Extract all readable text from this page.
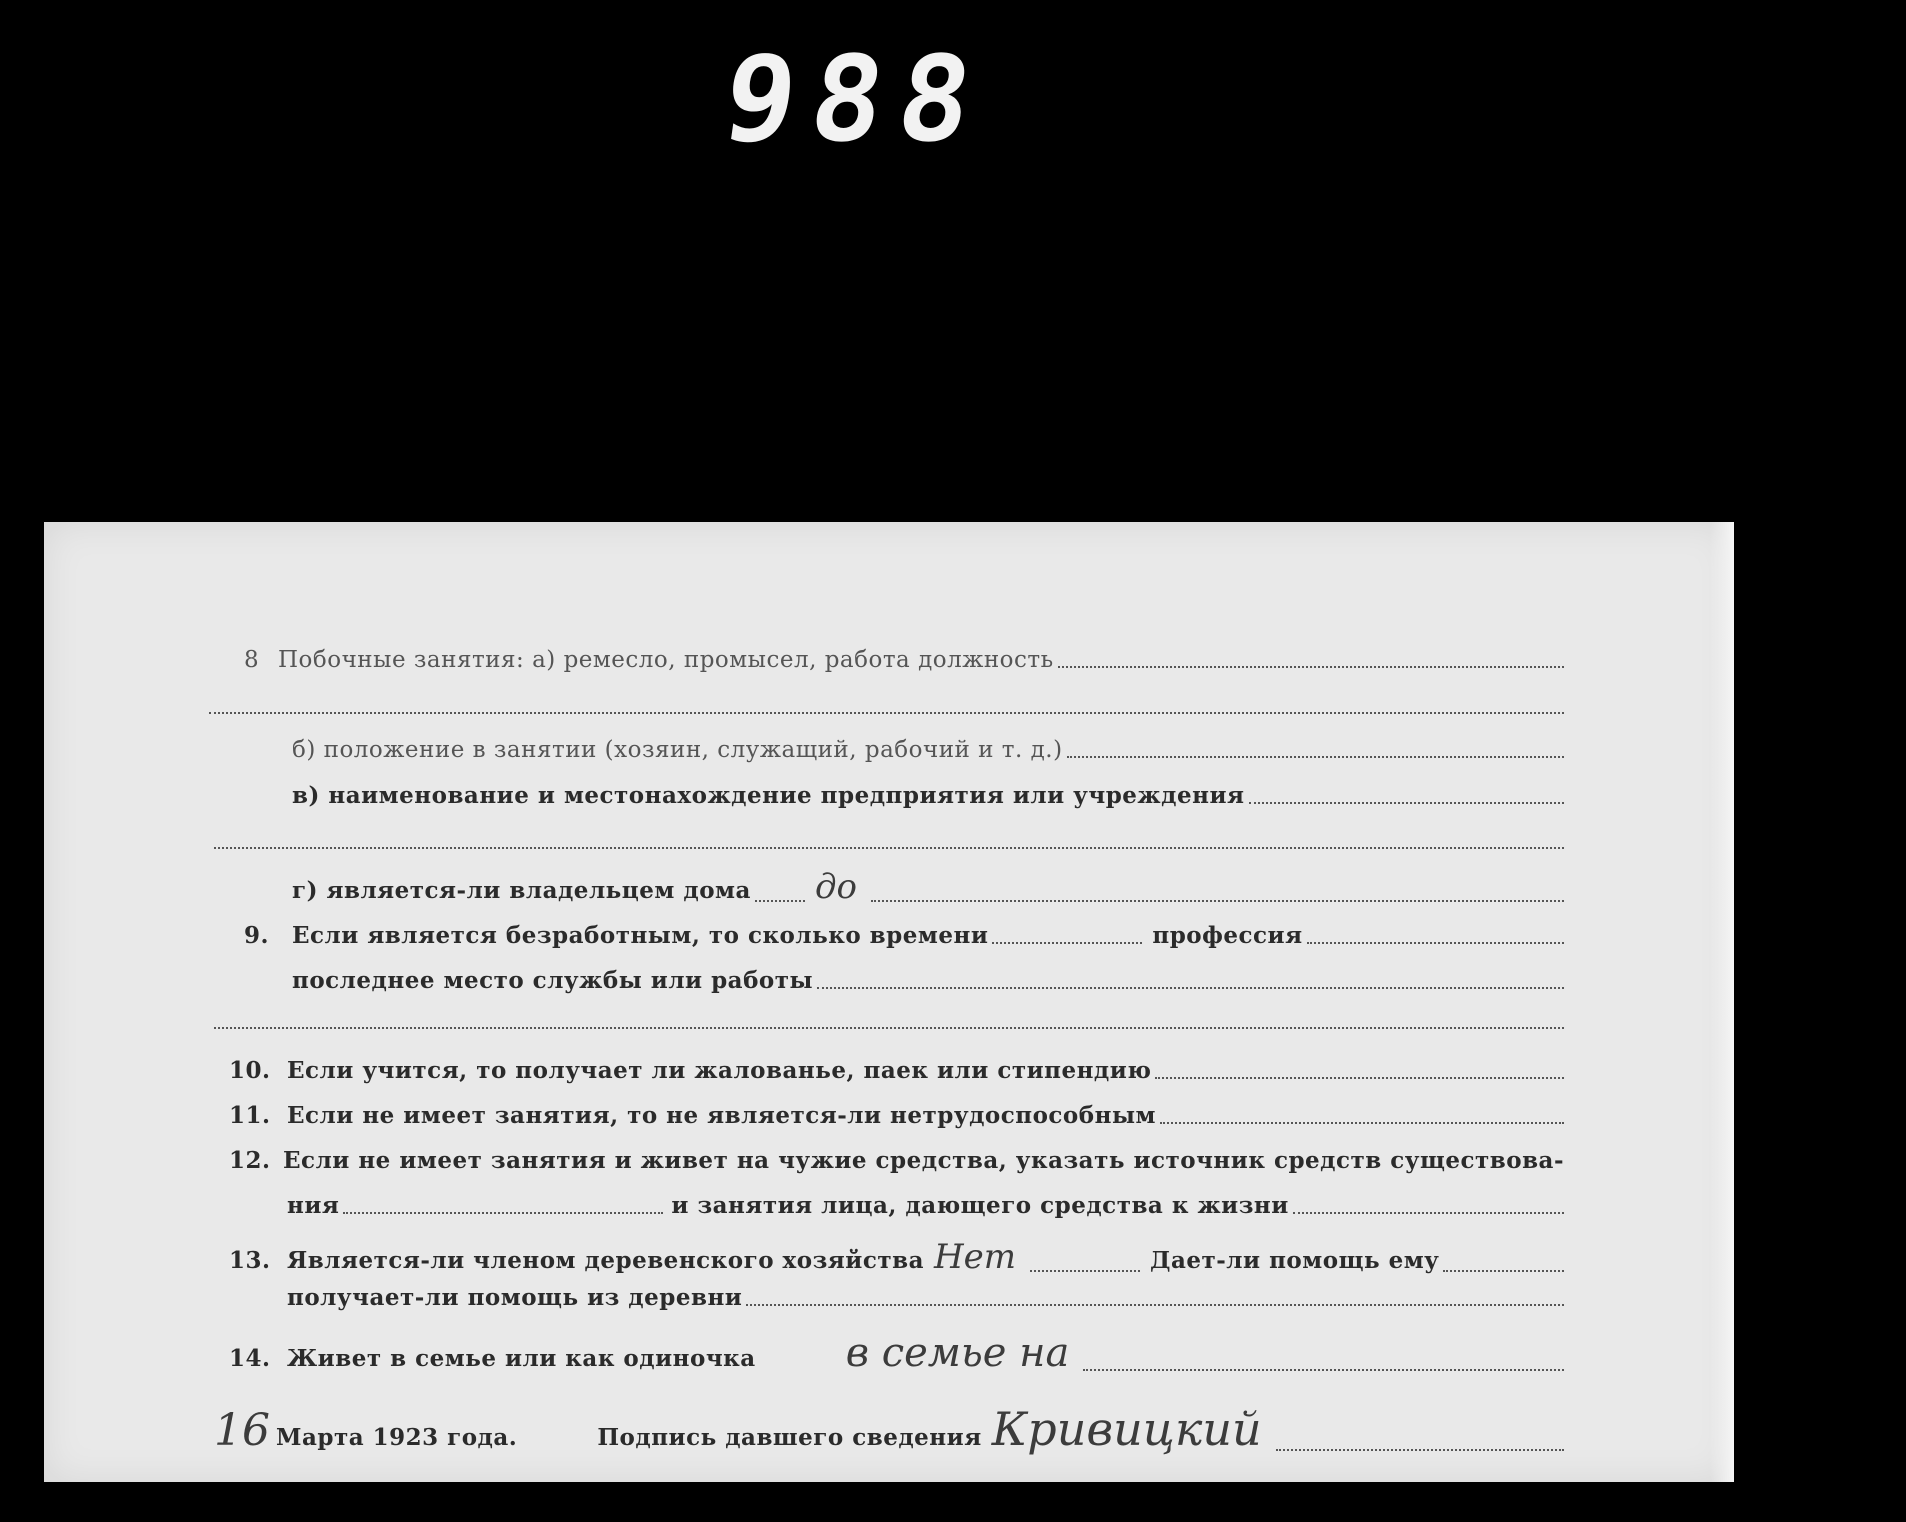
988
8 Побочные занятия: а) ремесло, промысел, работа должность
б) положение в занятии (хозяин, служащий, рабочий и т. д.)
в) наименование и местонахождение предприятия или учреждения
г) является-ли владельцем дома до
9. Если является безработным, то сколько времени	профессия
последнее место службы или работы
10. Если учится, то получает ли жалованье, паек или стипендию
11. Если не имеет занятия, то не является-ли нетрудоспособным
12. Если не имеет занятия и живет на чужие средства, указать источник средств существова-
ния	и занятия лица, дающего средства к жизни
13. Является-ли членом деревенского хозяйства Нет	Дает-ли помощь ему
получает-ли помощь из деревни
14. Живет в семье или как одиночка в семье на
16 Марта 1923 года.	Подпись давшего сведения Кривицкий
